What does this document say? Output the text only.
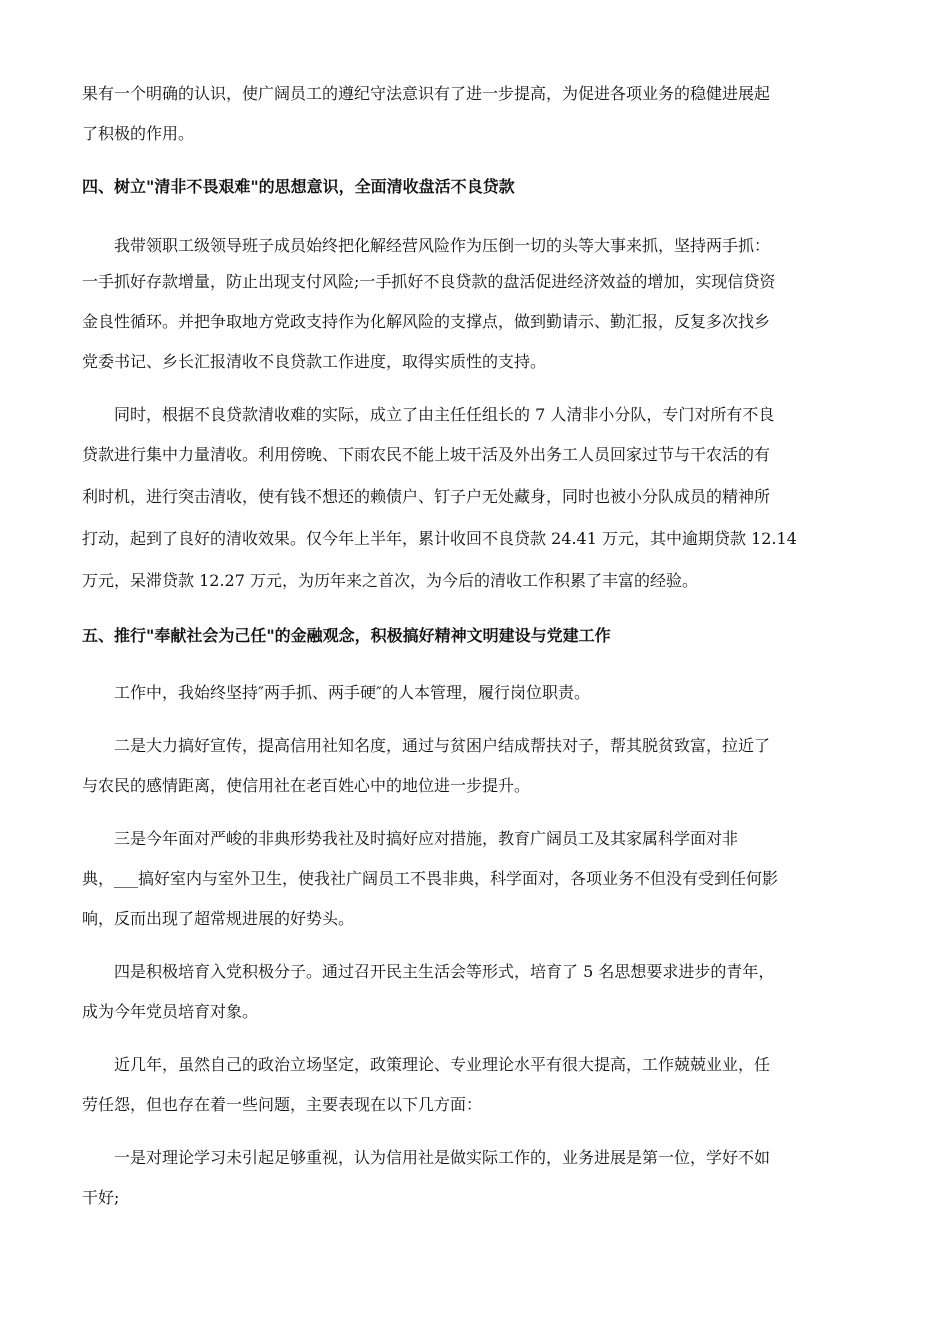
果有一个明确的认识，使广阔员工的遵纪守法意识有了进一步提高，为促进各项业务的稳健进展起
了积极的作用。
四、树立"清非不畏艰难"的思想意识，全面清收盘活不良贷款
我带领职工级领导班子成员始终把化解经营风险作为压倒一切的头等大事来抓，坚持两手抓：
一手抓好存款增量，防止出现支付风险;一手抓好不良贷款的盘活促进经济效益的增加，实现信贷资
金良性循环。并把争取地方党政支持作为化解风险的支撑点，做到勤请示、勤汇报，反复多次找乡
党委书记、乡长汇报清收不良贷款工作进度，取得实质性的支持。
同时，根据不良贷款清收难的实际，成立了由主任任组长的 7 人清非小分队，专门对所有不良
贷款进行集中力量清收。利用傍晚、下雨农民不能上坡干活及外出务工人员回家过节与干农活的有
利时机，进行突击清收，使有钱不想还的赖债户、钉子户无处藏身，同时也被小分队成员的精神所
打动，起到了良好的清收效果。仅今年上半年，累计收回不良贷款 24.41 万元，其中逾期贷款 12.14
万元，呆滞贷款 12.27 万元，为历年来之首次，为今后的清收工作积累了丰富的经验。
五、推行"奉献社会为己任"的金融观念，积极搞好精神文明建设与党建工作
工作中，我始终坚持″两手抓、两手硬″的人本管理，履行岗位职责。
二是大力搞好宣传，提高信用社知名度，通过与贫困户结成帮扶对子，帮其脱贫致富，拉近了
与农民的感情距离，使信用社在老百姓心中的地位进一步提升。
三是今年面对严峻的非典形势我社及时搞好应对措施，教育广阔员工及其家属科学面对非
典，___搞好室内与室外卫生，使我社广阔员工不畏非典，科学面对，各项业务不但没有受到任何影
响，反而出现了超常规进展的好势头。
四是积极培育入党积极分子。通过召开民主生活会等形式，培育了 5 名思想要求进步的青年，
成为今年党员培育对象。
近几年，虽然自己的政治立场坚定，政策理论、专业理论水平有很大提高，工作兢兢业业，任
劳任怨，但也存在着一些问题，主要表现在以下几方面：
一是对理论学习未引起足够重视，认为信用社是做实际工作的，业务进展是第一位，学好不如
干好;
